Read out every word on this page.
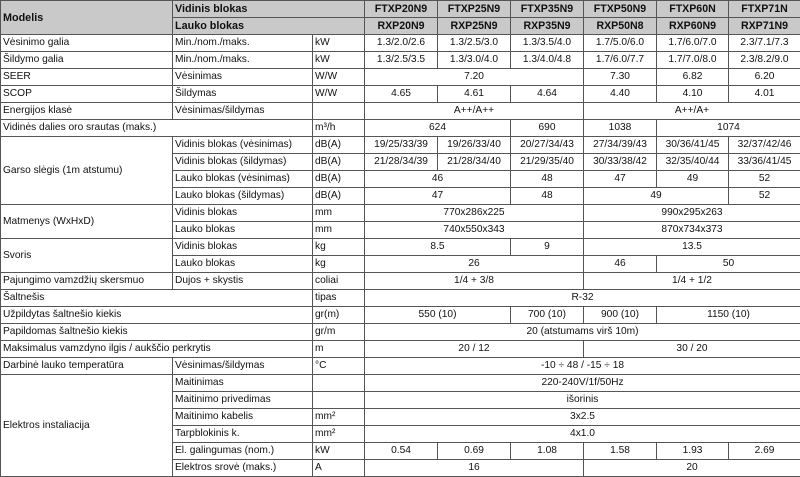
Modelis	Vidinis blokas		FTXP20N9	FTXP25N9	FTXP35N9	FTXP50N9	FTXP60N	FTXP71N
	Lauko blokas		RXP20N9	RXP25N9	RXP35N9	RXP50N8	RXP60N9	RXP71N9
Vėsinimo galia	Min./nom./maks.	kW	1.3/2.0/2.6	1.3/2.5/3.0	1.3/3.5/4.0	1.7/5.0/6.0	1.7/6.0/7.0	2.3/7.1/7.3
Šildymo galia	Min./nom./maks.	kW	1.3/2.5/3.5	1.3/3.0/4.0	1.3/4.0/4.8	1.7/6.0/7.7	1.7/7.0/8.0	2.3/8.2/9.0
SEER	Vėsinimas	W/W	7.20			7.30	6.82	6.20
SCOP	Šildymas	W/W	4.65	4.61	4.64	4.40	4.10	4.01
Energijos klasė	Vėsinimas/šildymas		A++/A++			A++/A+		
Vidinės dalies oro srautas (maks.)		m³/h	624		690	1038	1074	
Garso slėgis (1m atstumu)	Vidinis blokas (vėsinimas)	dB(A)	19/25/33/39	19/26/33/40	20/27/34/43	27/34/39/43	30/36/41/45	32/37/42/46
	Vidinis blokas (šildymas)	dB(A)	21/28/34/39	21/28/34/40	21/29/35/40	30/33/38/42	32/35/40/44	33/36/41/45
	Lauko blokas (vėsinimas)	dB(A)	46		48	47	49	52
	Lauko blokas (šildymas)	dB(A)	47		48	49		52
Matmenys (WxHxD)	Vidinis blokas	mm	770x286x225			990x295x263		
	Lauko blokas	mm	740x550x343			870x734x373		
Svoris	Vidinis blokas	kg	8.5		9	13.5		
	Lauko blokas	kg	26			46	50	
Pajungimo vamzdžių skersmuo	Dujos + skystis	coliai	1/4 + 3/8			1/4 + 1/2		
Šaltnešis		tipas	R-32					
Užpildytas šaltnešio kiekis		gr(m)	550 (10)		700 (10)	900 (10)	1150 (10)	
Papildomas šaltnešio kiekis		gr/m	20 (atstumams virš 10m)					
Maksimalus vamzdyno ilgis / aukščio perkrytis		m	20 / 12			30 / 20		
Darbinė lauko temperatūra	Vėsinimas/šildymas	°C	-10 ÷ 48 / -15 ÷ 18					
Elektros instaliacija	Maitinimas		220-240V/1f/50Hz					
	Maitinimo privedimas		išorinis					
	Maitinimo kabelis	mm²	3x2.5					
	Tarpblokinis k.	mm²	4x1.0					
	El. galingumas (nom.)	kW	0.54	0.69	1.08	1.58	1.93	2.69
	Elektros srovė (maks.)	A	16			20		
